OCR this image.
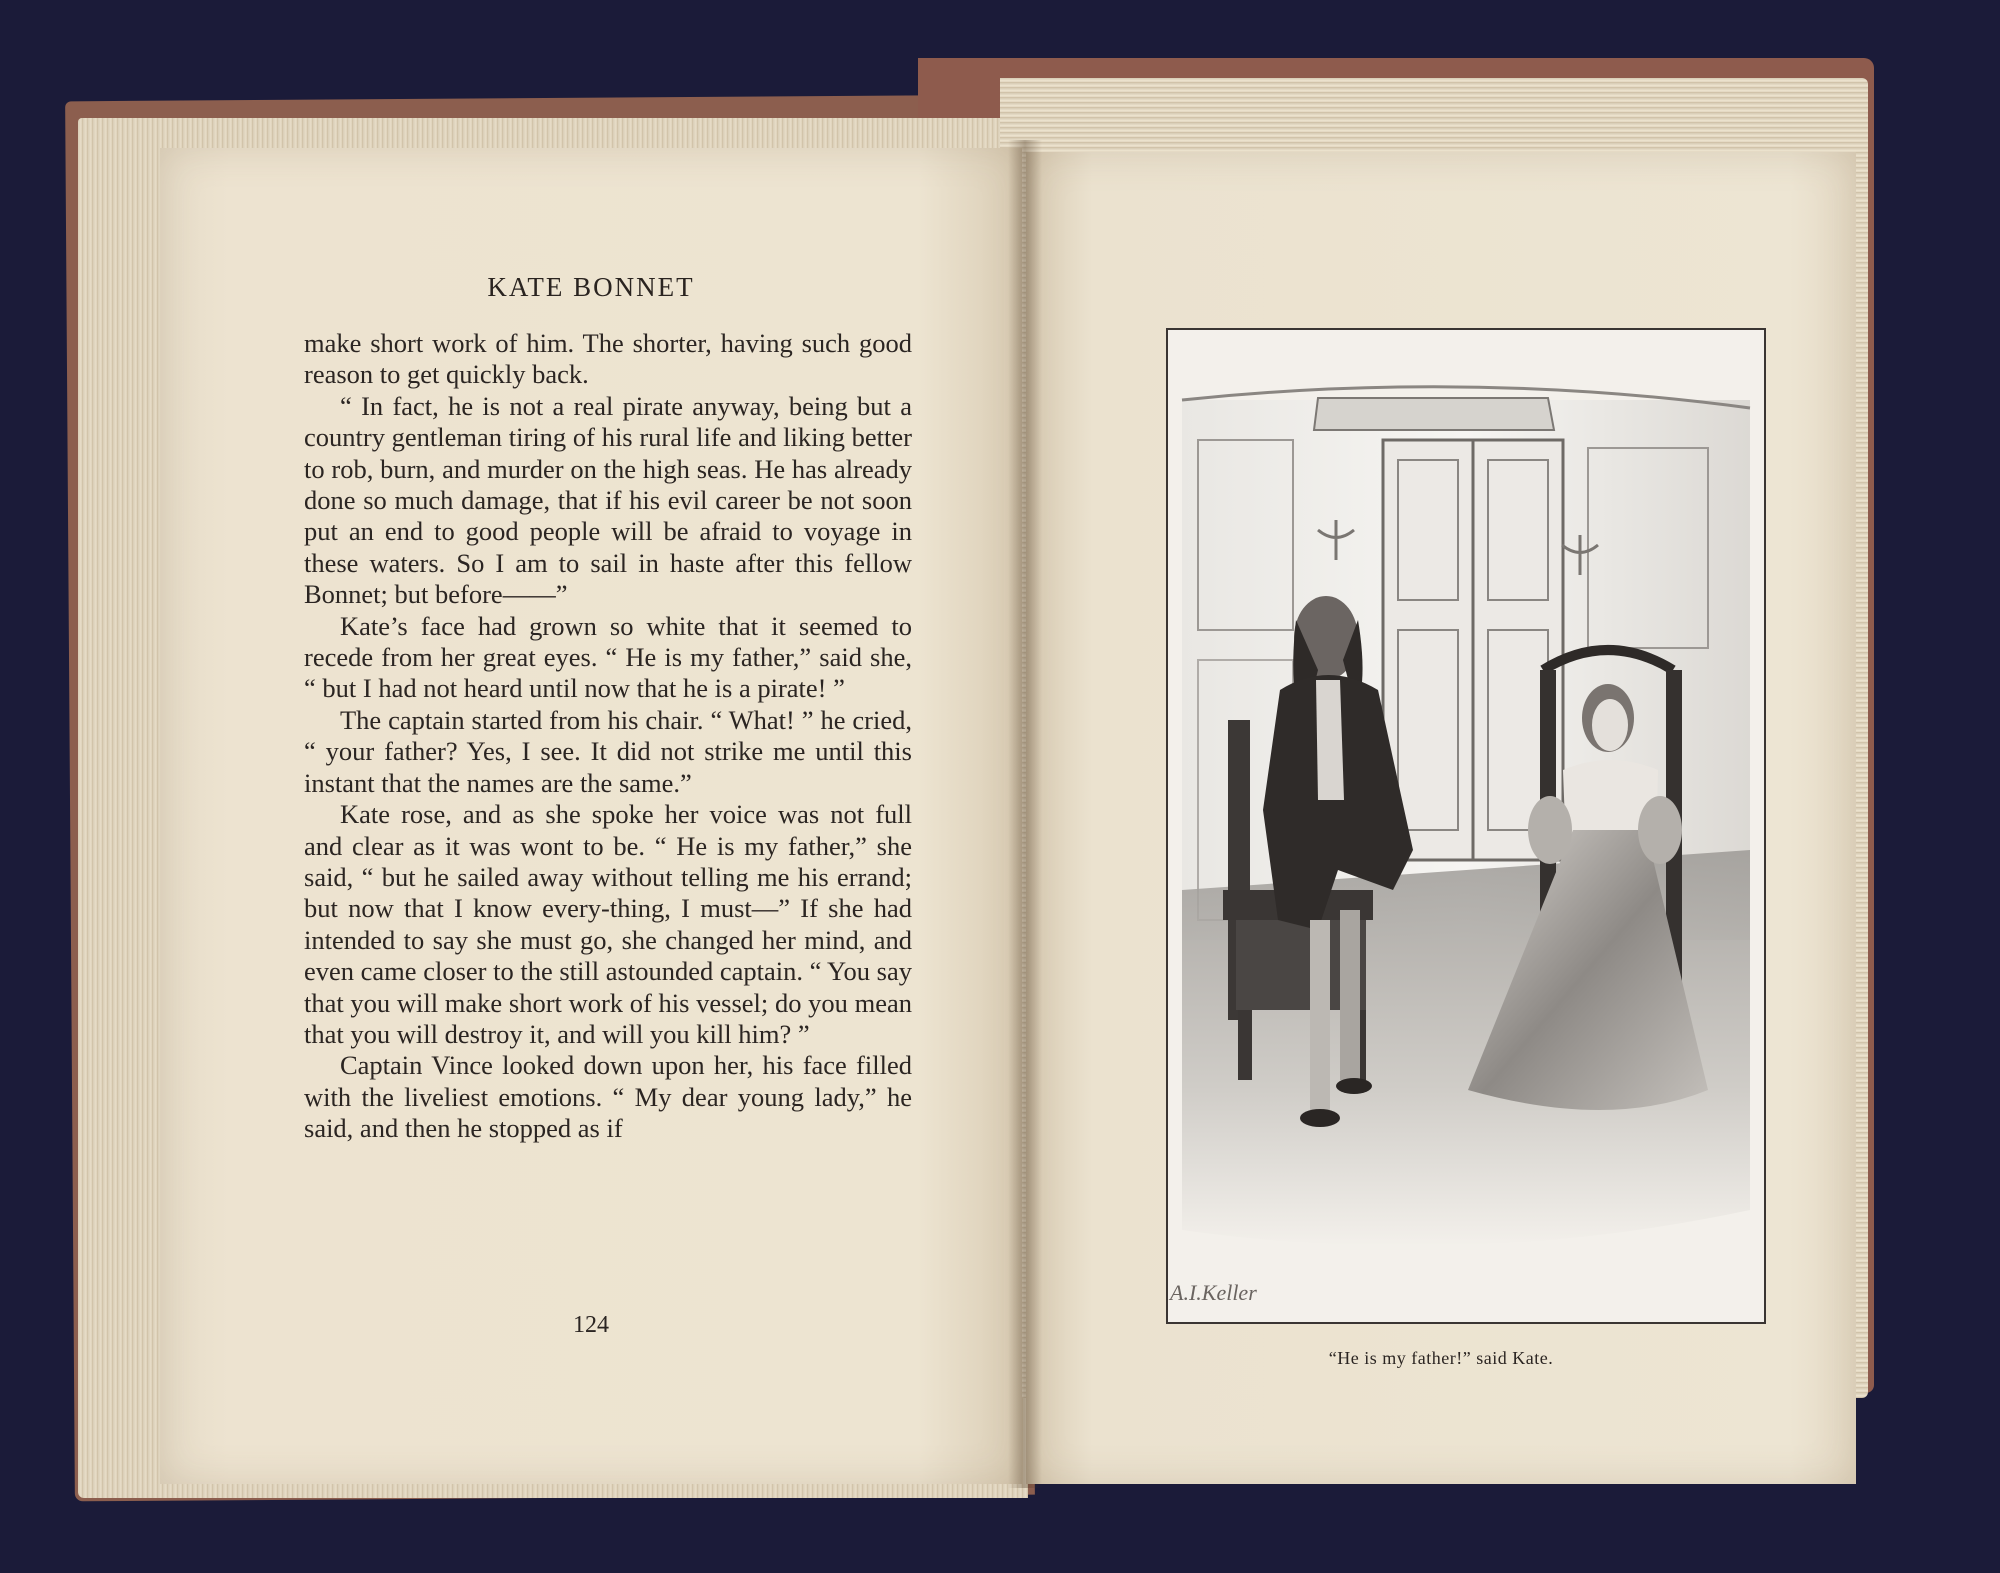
KATE BONNET

make short work of him. The shorter, having such good reason to get quickly back.

“ In fact, he is not a real pirate anyway, being but a country gentleman tiring of his rural life and liking better to rob, burn, and murder on the high seas. He has already done so much damage, that if his evil career be not soon put an end to good people will be afraid to voyage in these waters. So I am to sail in haste after this fellow Bonnet; but before——”

Kate’s face had grown so white that it seemed to recede from her great eyes. “ He is my father,” said she, “ but I had not heard until now that he is a pirate! ”

The captain started from his chair. “ What! ” he cried, “ your father? Yes, I see. It did not strike me until this instant that the names are the same.”

Kate rose, and as she spoke her voice was not full and clear as it was wont to be. “ He is my father,” she said, “ but he sailed away without telling me his errand; but now that I know every-thing, I must—” If she had intended to say she must go, she changed her mind, and even came closer to the still astounded captain. “ You say that you will make short work of his vessel; do you mean that you will destroy it, and will you kill him? ”

Captain Vince looked down upon her, his face filled with the liveliest emotions. “ My dear young lady,” he said, and then he stopped as if

124
A.I.Keller
“He is my father!” said Kate.
